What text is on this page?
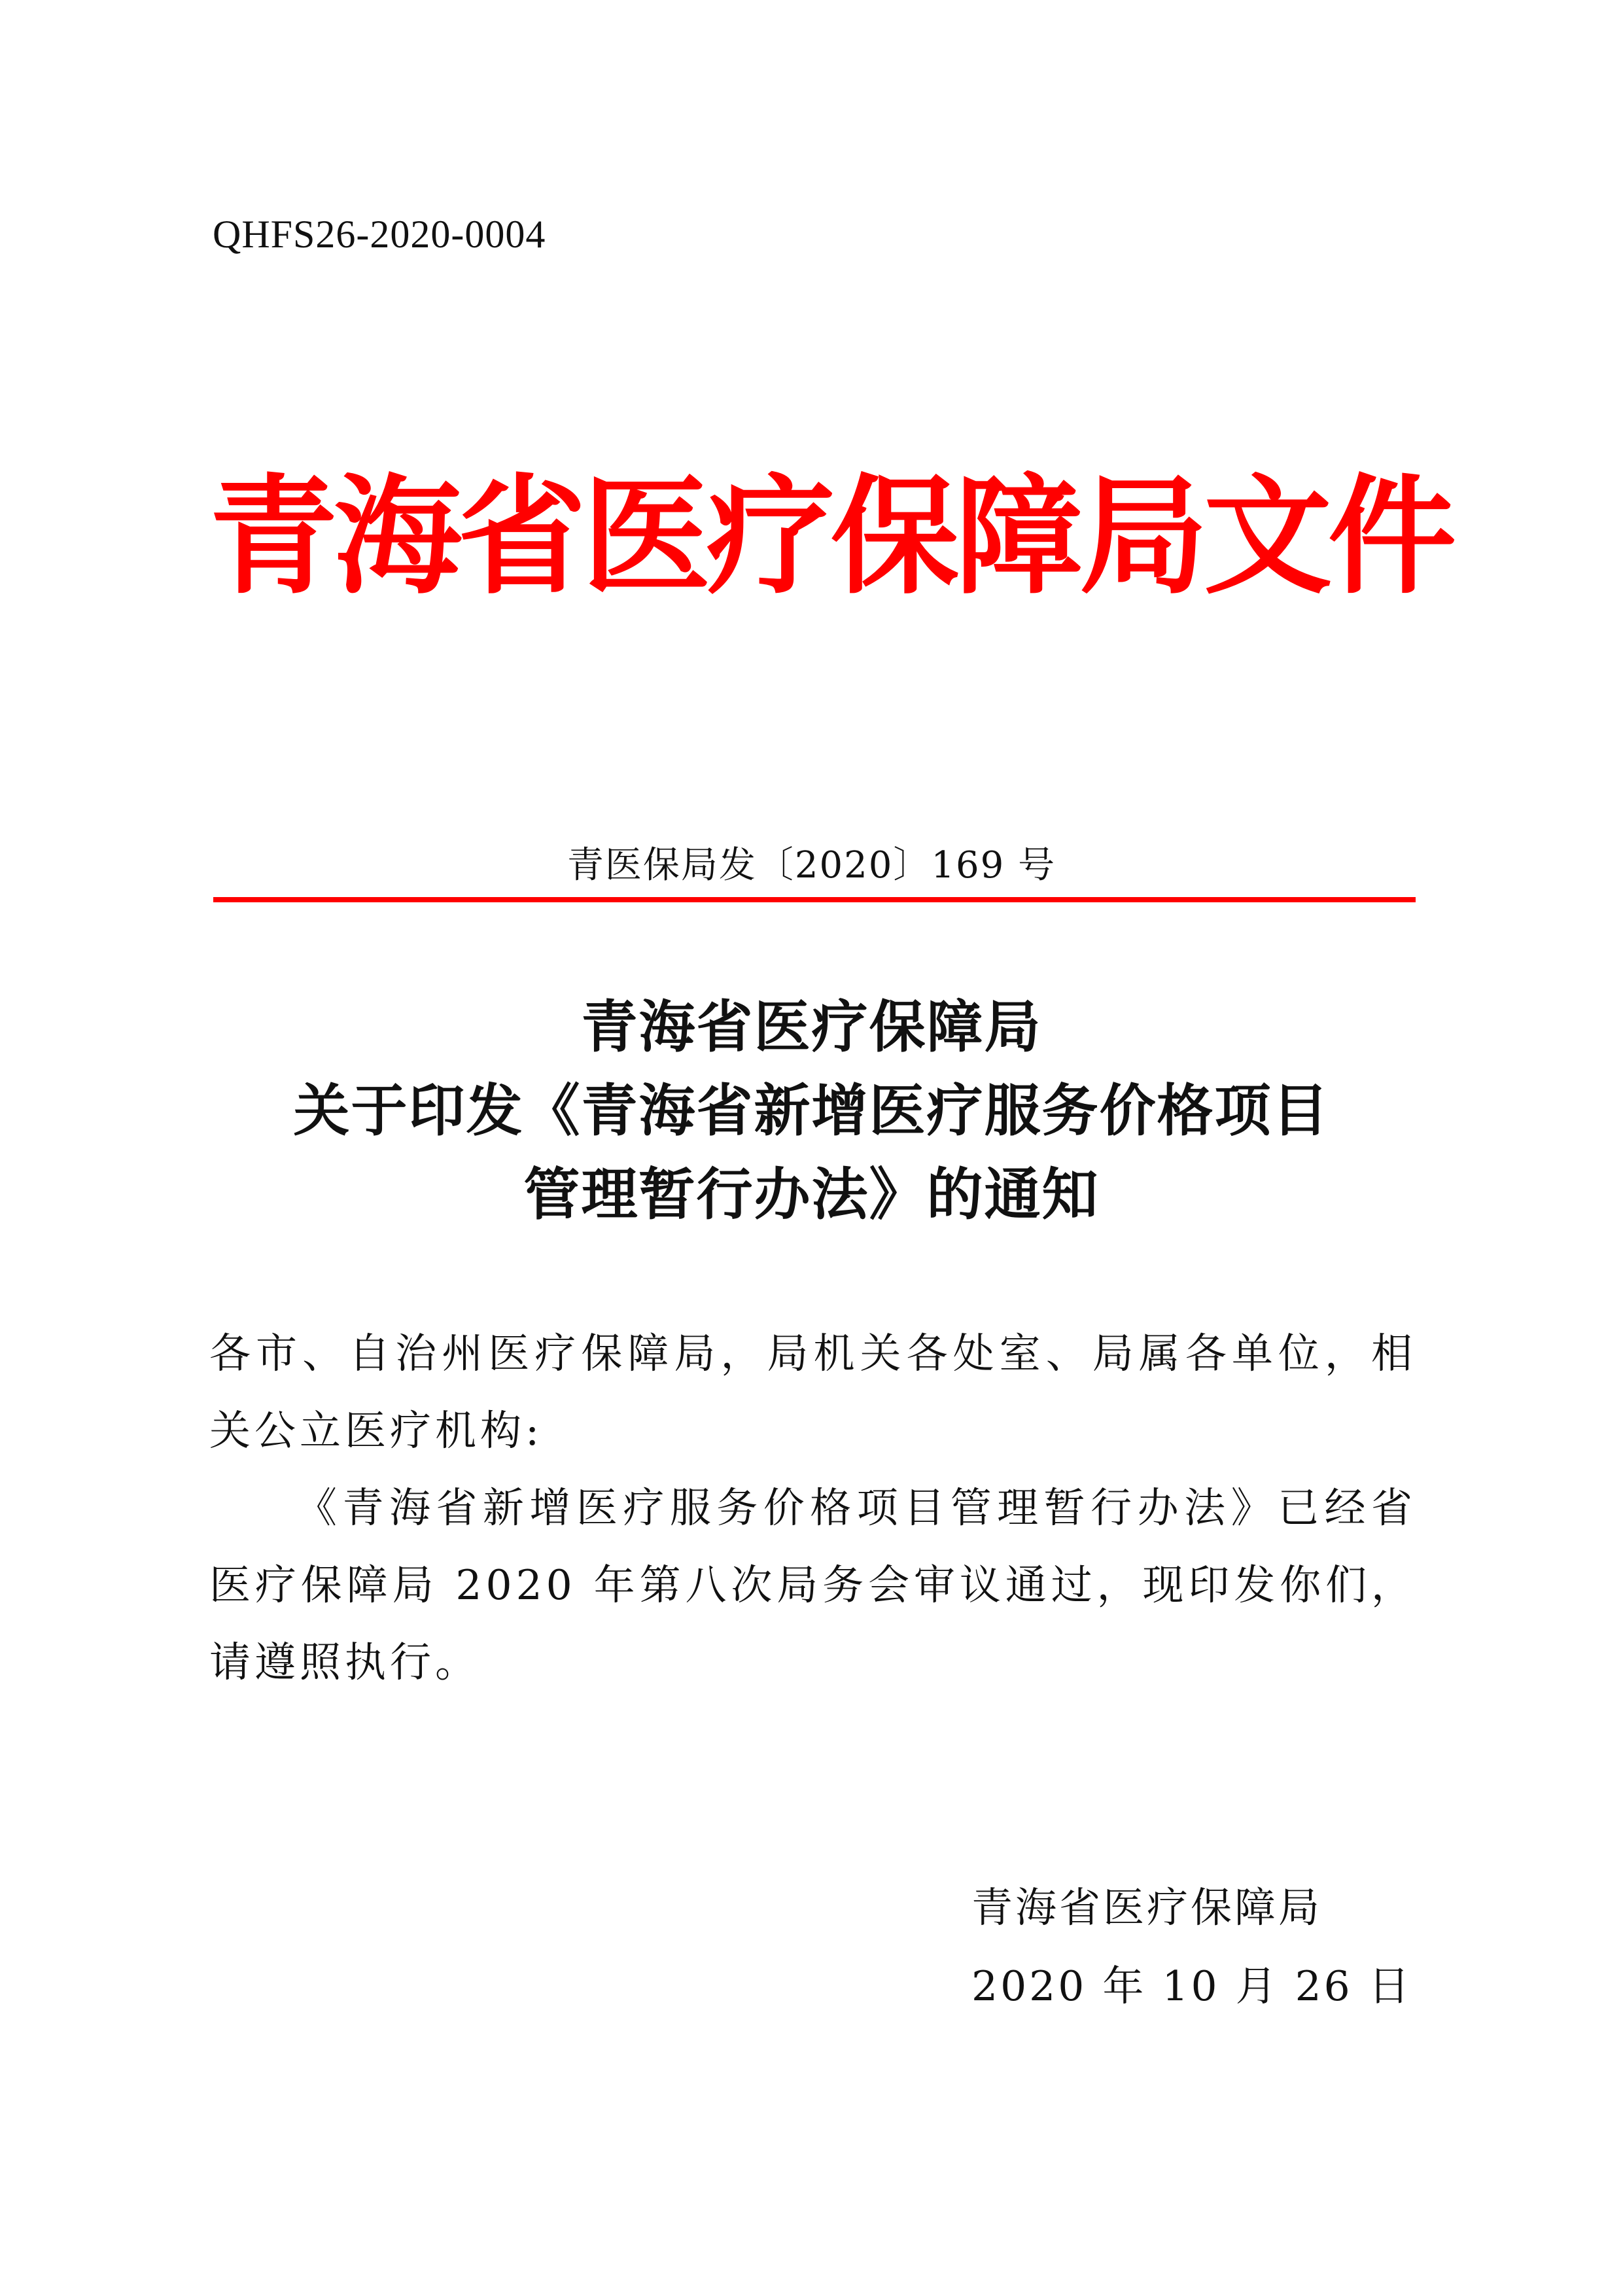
QHFS26-2020-0004
青海省医疗保障局文件
青医保局发〔2020〕169 号
青海省医疗保障局
关于印发《青海省新增医疗服务价格项目
管理暂行办法》的通知
各市、自治州医疗保障局，局机关各处室、局属各单位，相关公立医疗机构:
《青海省新增医疗服务价格项目管理暂行办法》已经省医疗保障局 2020 年第八次局务会审议通过，现印发你们，请遵照执行。
青海省医疗保障局
2020 年 10 月 26 日
